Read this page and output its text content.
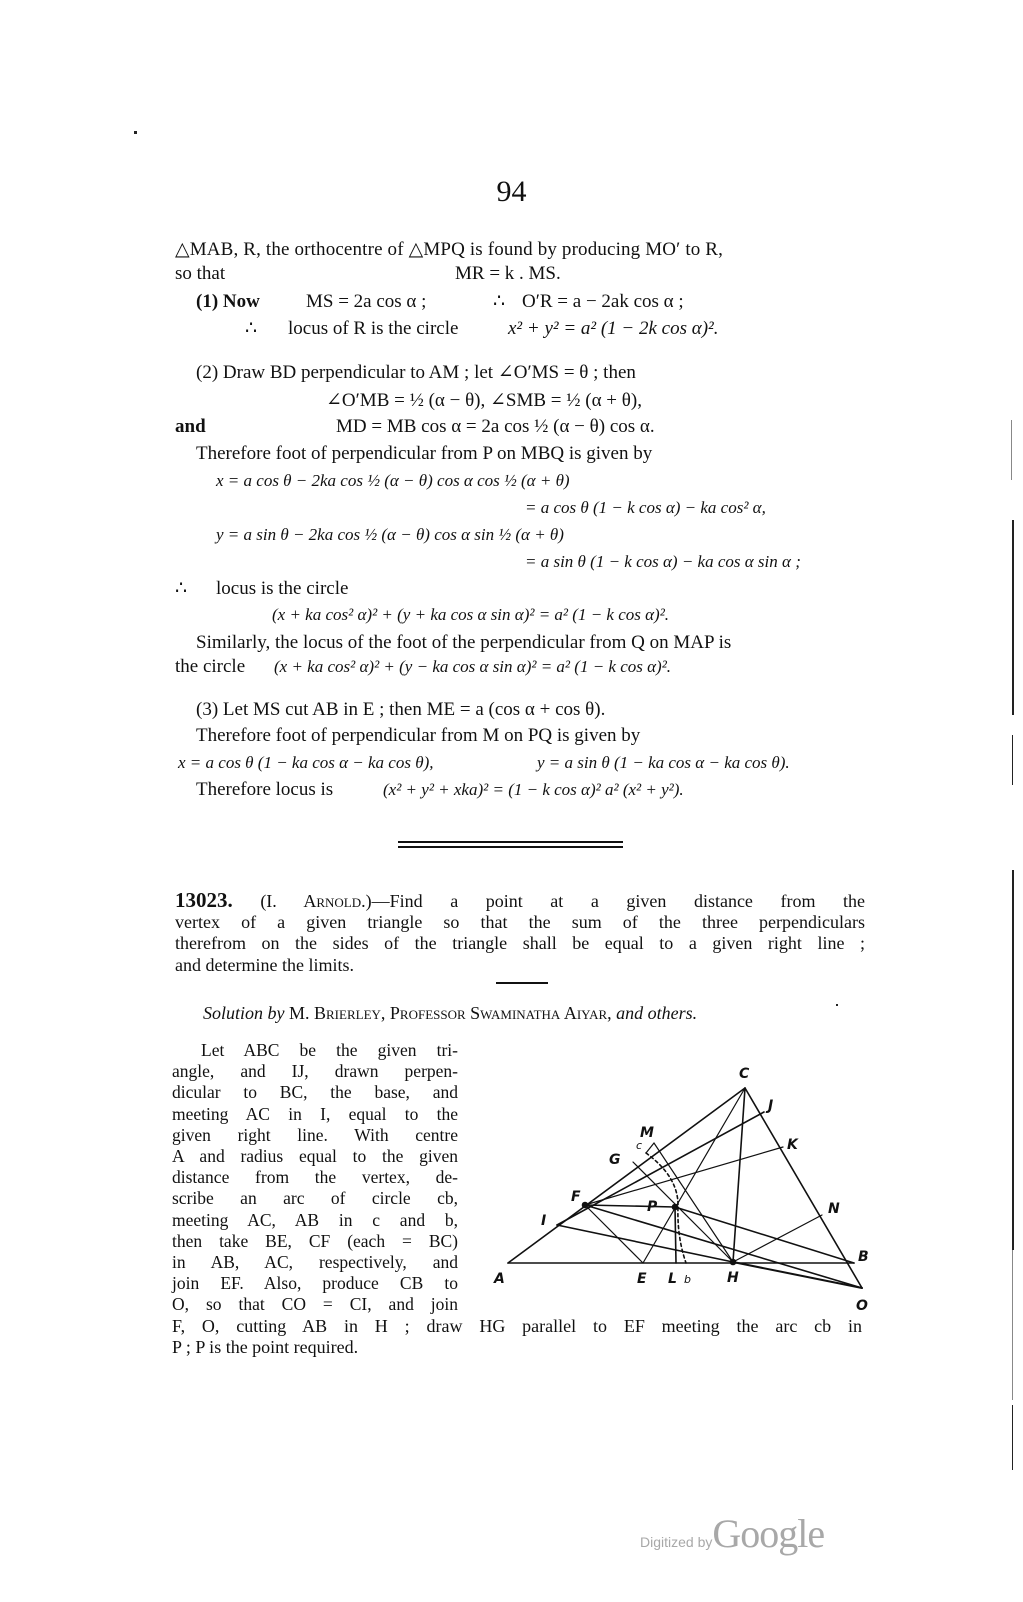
94
△MAB, R, the orthocentre of △MPQ is found by producing MO′ to R,
so that	MR = k . MS.
(1) Now MS = 2a cos α ;	∴ O′R = a − 2ak cos α ;
∴ locus of R is the circle	x² + y² = a² (1 − 2k cos α)².
(2) Draw BD perpendicular to AM ; let ∠O′MS = θ ; then
∠O′MB = ½ (α − θ), ∠SMB = ½ (α + θ),
and	MD = MB cos α = 2a cos ½ (α − θ) cos α.
Therefore foot of perpendicular from P on MBQ is given by
x = a cos θ − 2ka cos ½ (α − θ) cos α cos ½ (α + θ)
= a cos θ (1 − k cos α) − ka cos² α,
y = a sin θ − 2ka cos ½ (α − θ) cos α sin ½ (α + θ)
= a sin θ (1 − k cos α) − ka cos α sin α ;
∴ locus is the circle
(x + ka cos² α)² + (y + ka cos α sin α)² = a² (1 − k cos α)².
Similarly, the locus of the foot of the perpendicular from Q on MAP is
the circle (x + ka cos² α)² + (y − ka cos α sin α)² = a² (1 − k cos α)².
(3) Let MS cut AB in E ; then ME = a (cos α + cos θ).
Therefore foot of perpendicular from M on PQ is given by
x = a cos θ (1 − ka cos α − ka cos θ),	y = a sin θ (1 − ka cos α − ka cos θ).
Therefore locus is	(x² + y² + xka)² = (1 − k cos α)² a² (x² + y²).
13023. (I. Arnold.)—Find a point at a given distance from the
vertex of a given triangle so that the sum of the three perpendiculars
therefrom on the sides of the triangle shall be equal to a given right line ;
and determine the limits.
Solution by M. Brierley, Professor Swaminatha Aiyar, and others.
Let ABC be the given tri-
angle, and IJ, drawn perpen-
dicular to BC, the base, and
meeting AC in I, equal to the
given right line. With centre
A and radius equal to the given
distance from the vertex, de-
scribe an arc of circle cb,
meeting AC, AB in c and b,
then take BE, CF (each = BC)
in AB, AC, respectively, and
join EF. Also, produce CB to
O, so that CO = CI, and join
F, O, cutting AB in H ; draw HG parallel to EF meeting the arc cb in
P ; P is the point required.
A
B
C
E
F
G
H
I
J
K
L
M
N
O
P
c
b
Digitized byGoogle
